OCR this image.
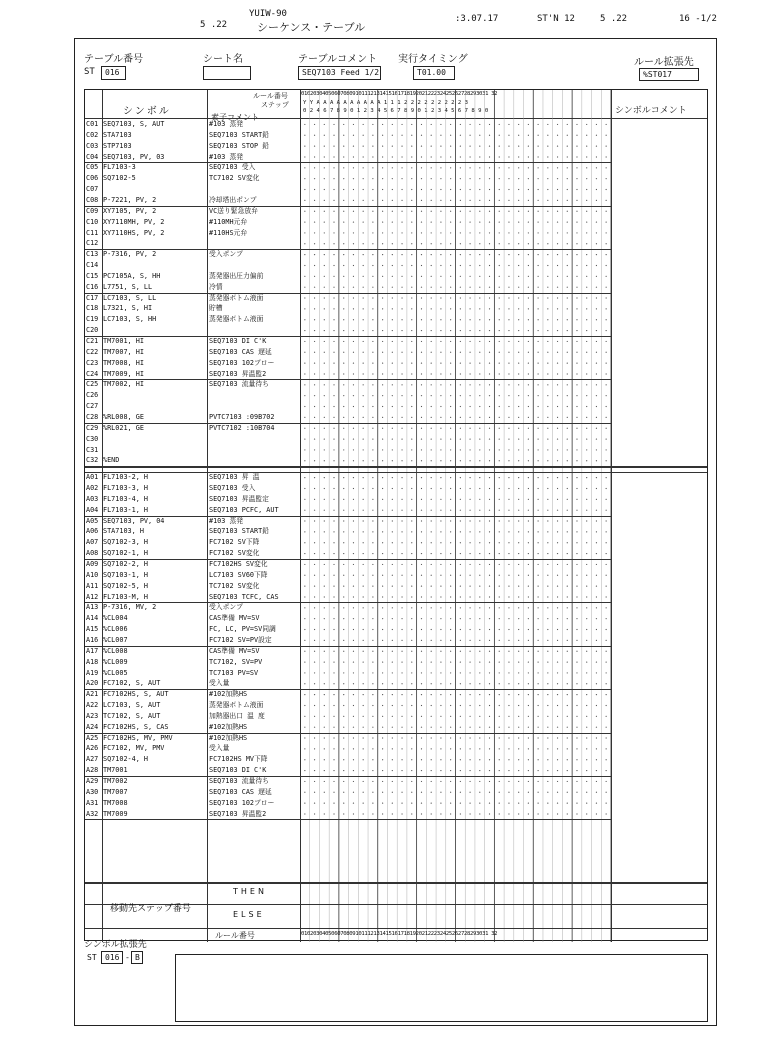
YUIW-90
5 .22	シーケンス・テーブル
:3.07.17	ST'N 12	5 .22	16 -1/2
テーブル番号
ST	016
シート名	テーブルコメント
SEQ7103 Feed 1/2
実行タイミング
T01.00
ルール拡張先
%ST017
ルール番号
ステップ
シンボル
素子コメント
シンボルコメント
01020304050607080910111213141516171819202122232425262728293031 32
Y Y A A A A A A A A A A 1 1 1 2 2 2 2 2 2 2 2 2 3
0 2 4 6 7 8 9 0 1 2 3 4 5 6 7 8 9 0 1 2 3 4 5 6 7 8 9 0
C01 SEQ7103, S, AUT	#103 蒸発
C02 STA7103	SEQ7103 START鉛
C03 STP7103	SEQ7103 STOP 鉛
C04 SEQ7103, PV, 03	#103 蒸発
C05 FL7103-3	SEQ7103 受入
C06 SQ7102-5	TC7102 SV変化
C07
C08 P-7221, PV, 2	冷却塔出ポンプ
C09 XY7105, PV, 2	VC送り緊急放弁
C10 XY7110MH, PV, 2	#110MH元弁
C11 XY7110HS, PV, 2	#110HS元弁
C12
C13 P-7316, PV, 2	受入ポンプ
C14
C15 PC7105A, S, HH	蒸発器出圧力偏前
C16 L7751, S, LL	冷情
C17 LC7103, S, LL	蒸発器ボトム液面
C18 L7321, S, HI	貯槽
C19 LC7103, S, HH	蒸発器ボトム液面
C20
C21 TM7001, HI	SEQ7103 DI C'K
C22 TM7007, HI	SEQ7103 CAS 遅延
C23 TM7008, HI	SEQ7103 102ブロー
C24 TM7009, HI	SEQ7103 昇温監2
C25 TM7002, HI	SEQ7103 流量待ち
C26
C27
C28 %RL008, GE	PVTC7103 :09B702
C29 %RL021, GE	PVTC7102 :10B704
C30
C31
C32 %END
A01 FL7103-2, H	SEQ7103 昇 温
A02 FL7103-3, H	SEQ7103 受入
A03 FL7103-4, H	SEQ7103 昇温監定
A04 FL7103-1, H	SEQ7103 PCFC, AUT
A05 SEQ7103, PV, 04	#103 蒸発
A06 STA7103, H	SEQ7103 START鉛
A07 SQ7102-3, H	FC7102 SV下降
A08 SQ7102-1, H	FC7102 SV変化
A09 SQ7102-2, H	FC7102HS SV変化
A10 SQ7103-1, H	LC7103 SV60下降
A11 SQ7102-5, H	TC7102 SV変化
A12 FL7103-M, H	SEQ7103 TCFC, CAS
A13 P-7316, MV, 2	受入ポンプ
A14 %CL004	CAS準備 MV=SV
A15 %CL006	FC, LC, PV=SV同調
A16 %CL007	FC7102 SV=PV設定
A17 %CL008	CAS準備 MV=SV
A18 %CL009	TC7102, SV=PV
A19 %CL005	TC7103 PV=SV
A20 FC7102, S, AUT	受入量
A21 FC7102HS, S, AUT	#102加熱HS
A22 LC7103, S, AUT	蒸発器ボトム液面
A23 TC7102, S, AUT	加熱器出口 温 度
A24 FC7102HS, S, CAS	#102加熱HS
A25 FC7102HS, MV, PMV	#102加熱HS
A26 FC7102, MV, PMV	受入量
A27 SQ7102-4, H	FC7102HS MV下降
A28 TM7001	SEQ7103 DI C'K
A29 TM7002	SEQ7103 流量待ち
A30 TM7007	SEQ7103 CAS 遅延
A31 TM7008	SEQ7103 102ブロー
A32 TM7009	SEQ7103 昇温監2
移動先ステップ番号
THEN
ELSE
ルール番号	01020304050607080910111213141516171819202122232425262728293031 32
シンボル拡張先
ST	016 - B
